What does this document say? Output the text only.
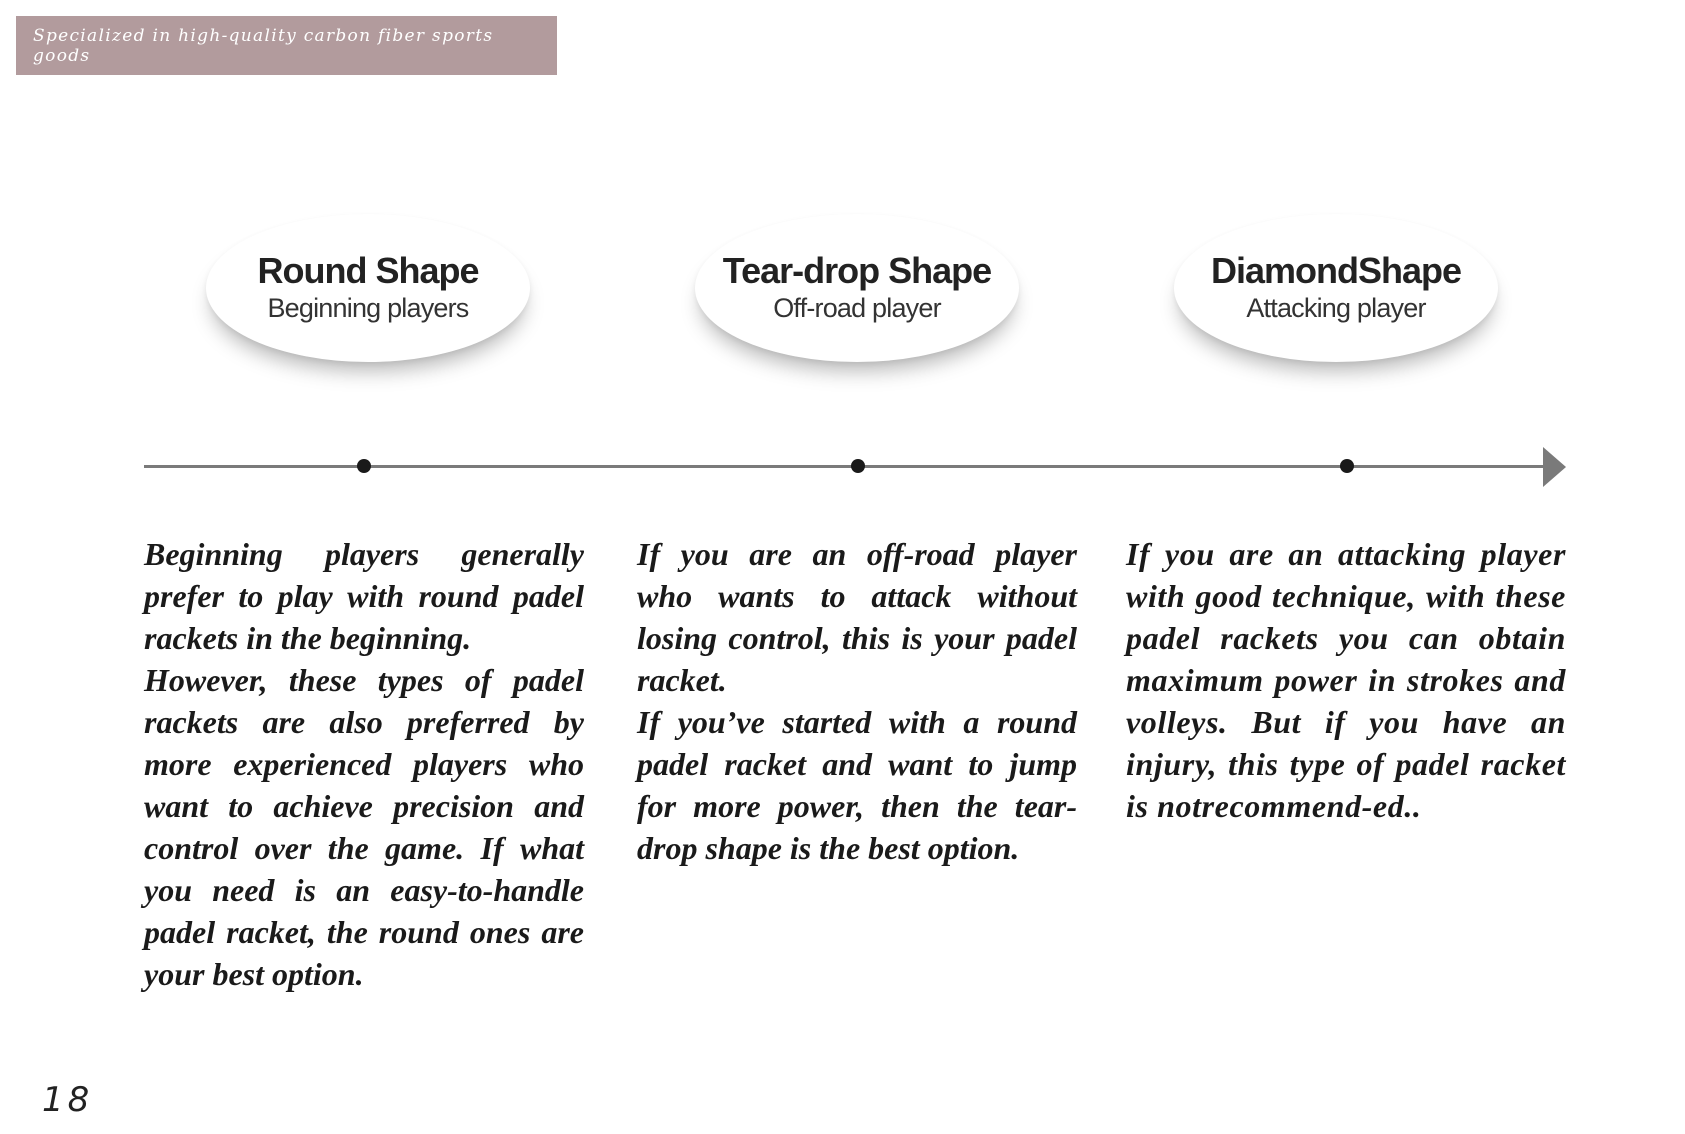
Specialized in high-quality carbon fiber sports goods
Round Shape
Beginning players
Tear-drop Shape
Off-road player
DiamondShape
Attacking player

Beginning players generally prefer to play with round padel rackets in the beginning.

However, these types of padel rackets are also preferred by more experienced players who want to achieve precision and control over the game. If what you need is an easy-to-handle padel racket, the round ones are your best option.

If you are an off-road player who wants to attack without losing control, this is your padel racket.

If you’ve started with a round padel racket and want to jump for more power, then the tear-drop shape is the best option.

If you are an attacking player with good technique, with these padel rackets you can obtain maximum power in strokes and volleys. But if you have an injury, this type of padel racket is notrecommend-ed..

18
